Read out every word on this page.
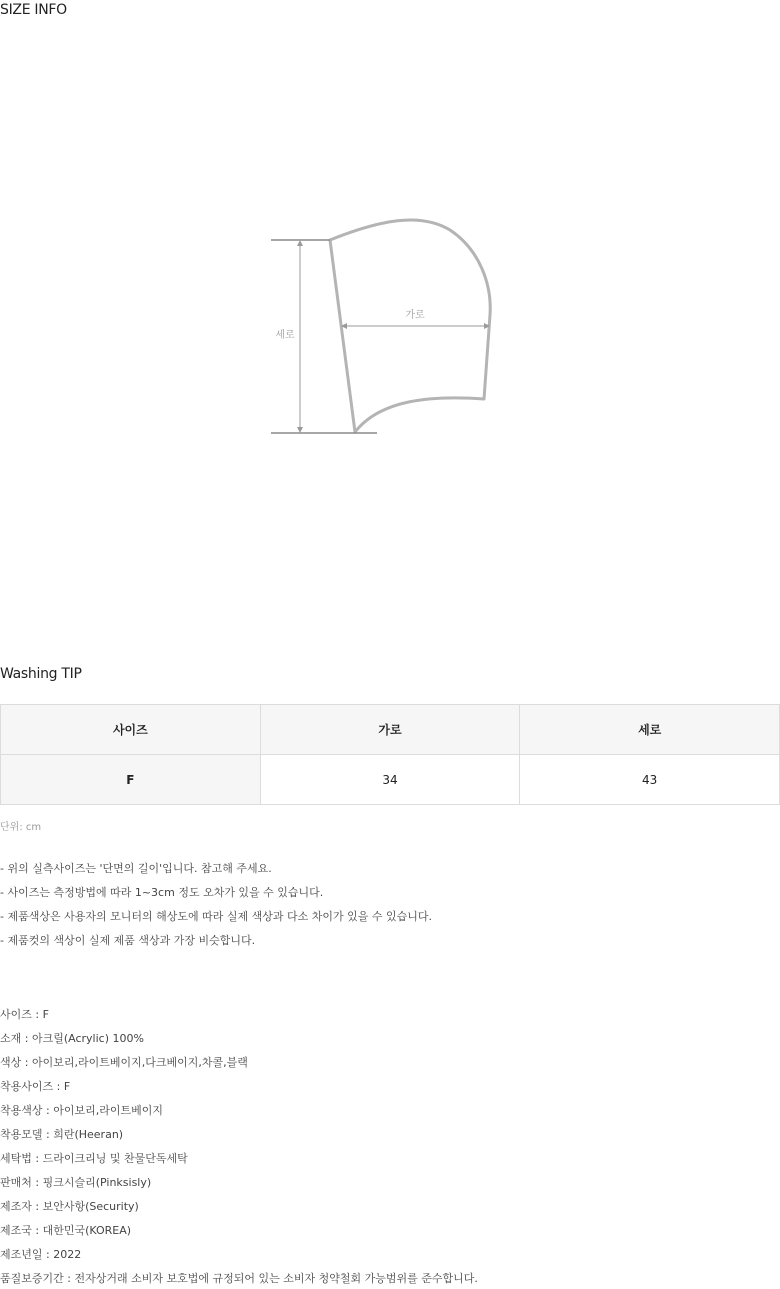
SIZE INFO
세로
가로
Washing TIP
사이즈	가로	세로
F	34	43
단위: cm
- 위의 실측사이즈는 '단면의 길이'입니다. 참고해 주세요.
- 사이즈는 측정방법에 따라 1~3cm 정도 오차가 있을 수 있습니다.
- 제품색상은 사용자의 모니터의 해상도에 따라 실제 색상과 다소 차이가 있을 수 있습니다.
- 제품컷의 색상이 실제 제품 색상과 가장 비슷합니다.
사이즈 : F
소재 : 아크릴(Acrylic) 100%
색상 : 아이보리,라이트베이지,다크베이지,차콜,블랙
착용사이즈 : F
착용색상 : 아이보리,라이트베이지
착용모델 : 희란(Heeran)
세탁법 : 드라이크리닝 및 찬물단독세탁
판매처 : 핑크시슬리(Pinksisly)
제조자 : 보안사항(Security)
제조국 : 대한민국(KOREA)
제조년일 : 2022
품질보증기간 : 전자상거래 소비자 보호법에 규정되어 있는 소비자 청약철회 가능범위를 준수합니다.
